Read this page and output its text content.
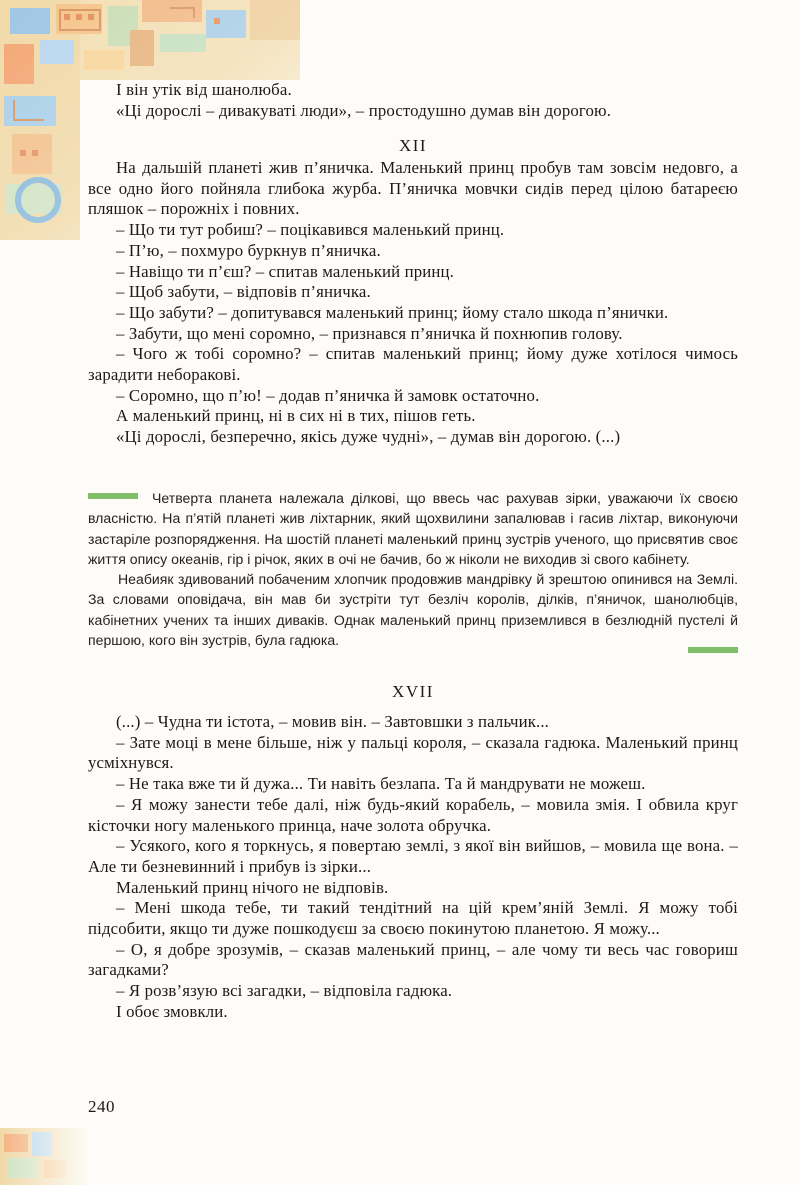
І він утік від шанолюба.

«Ці дорослі – дивакуваті люди», – простодушно думав він дорогою.

XII

На дальшій планеті жив п’яничка. Маленький принц пробув там зовсім недовго, а все одно його пойняла глибока журба. П’яничка мовчки сидів перед цілою батареєю пляшок – порожніх і повних.

– Що ти тут робиш? – поцікавився маленький принц.

– П’ю, – похмуро буркнув п’яничка.

– Навіщо ти п’єш? – спитав маленький принц.

– Щоб забути, – відповів п’яничка.

– Що забути? – допитувався маленький принц; йому стало шкода п’янички.

– Забути, що мені соромно, – признався п’яничка й похнюпив голову.

– Чого ж тобі соромно? – спитав маленький принц; йому дуже хотілося чимось зарадити неборакові.

– Соромно, що п’ю! – додав п’яничка й замовк остаточно.

А маленький принц, ні в сих ні в тих, пішов геть.

«Ці дорослі, безперечно, якісь дуже чудні», – думав він дорогою. (...)

Четверта планета належала ділкові, що ввесь час рахував зірки, уважаючи їх своєю власністю. На п’ятій планеті жив ліхтарник, який щохвилини запалював і гасив ліхтар, виконуючи застаріле розпорядження. На шостій планеті маленький принц зустрів ученого, що присвятив своє життя опису океанів, гір і річок, яких в очі не бачив, бо ж ніколи не виходив зі свого кабінету.

Неабияк здивований побаченим хлопчик продовжив мандрівку й зрештою опинився на Землі. За словами оповідача, він мав би зустріти тут безліч королів, ділків, п’яничок, шанолюбців, кабінетних учених та інших диваків. Однак маленький принц приземлився в безлюдній пустелі й першою, кого він зустрів, була гадюка.

XVII

(...) – Чудна ти істота, – мовив він. – Завтовшки з пальчик...

– Зате моці в мене більше, ніж у пальці короля, – сказала гадюка. Маленький принц усміхнувся.

– Не така вже ти й дужа... Ти навіть безлапа. Та й мандрувати не можеш.

– Я можу занести тебе далі, ніж будь-який корабель, – мовила змія. І обвила круг кісточки ногу маленького принца, наче золота обручка.

– Усякого, кого я торкнусь, я повертаю землі, з якої він вийшов, – мовила ще вона. – Але ти безневинний і прибув із зірки...

Маленький принц нічого не відповів.

– Мені шкода тебе, ти такий тендітний на цій крем’яній Землі. Я можу тобі підсобити, якщо ти дуже пошкодуєш за своєю покинутою планетою. Я можу...

– О, я добре зрозумів, – сказав маленький принц, – але чому ти весь час говориш загадками?

– Я розв’язую всі загадки, – відповіла гадюка.

І обоє змовкли.

240
